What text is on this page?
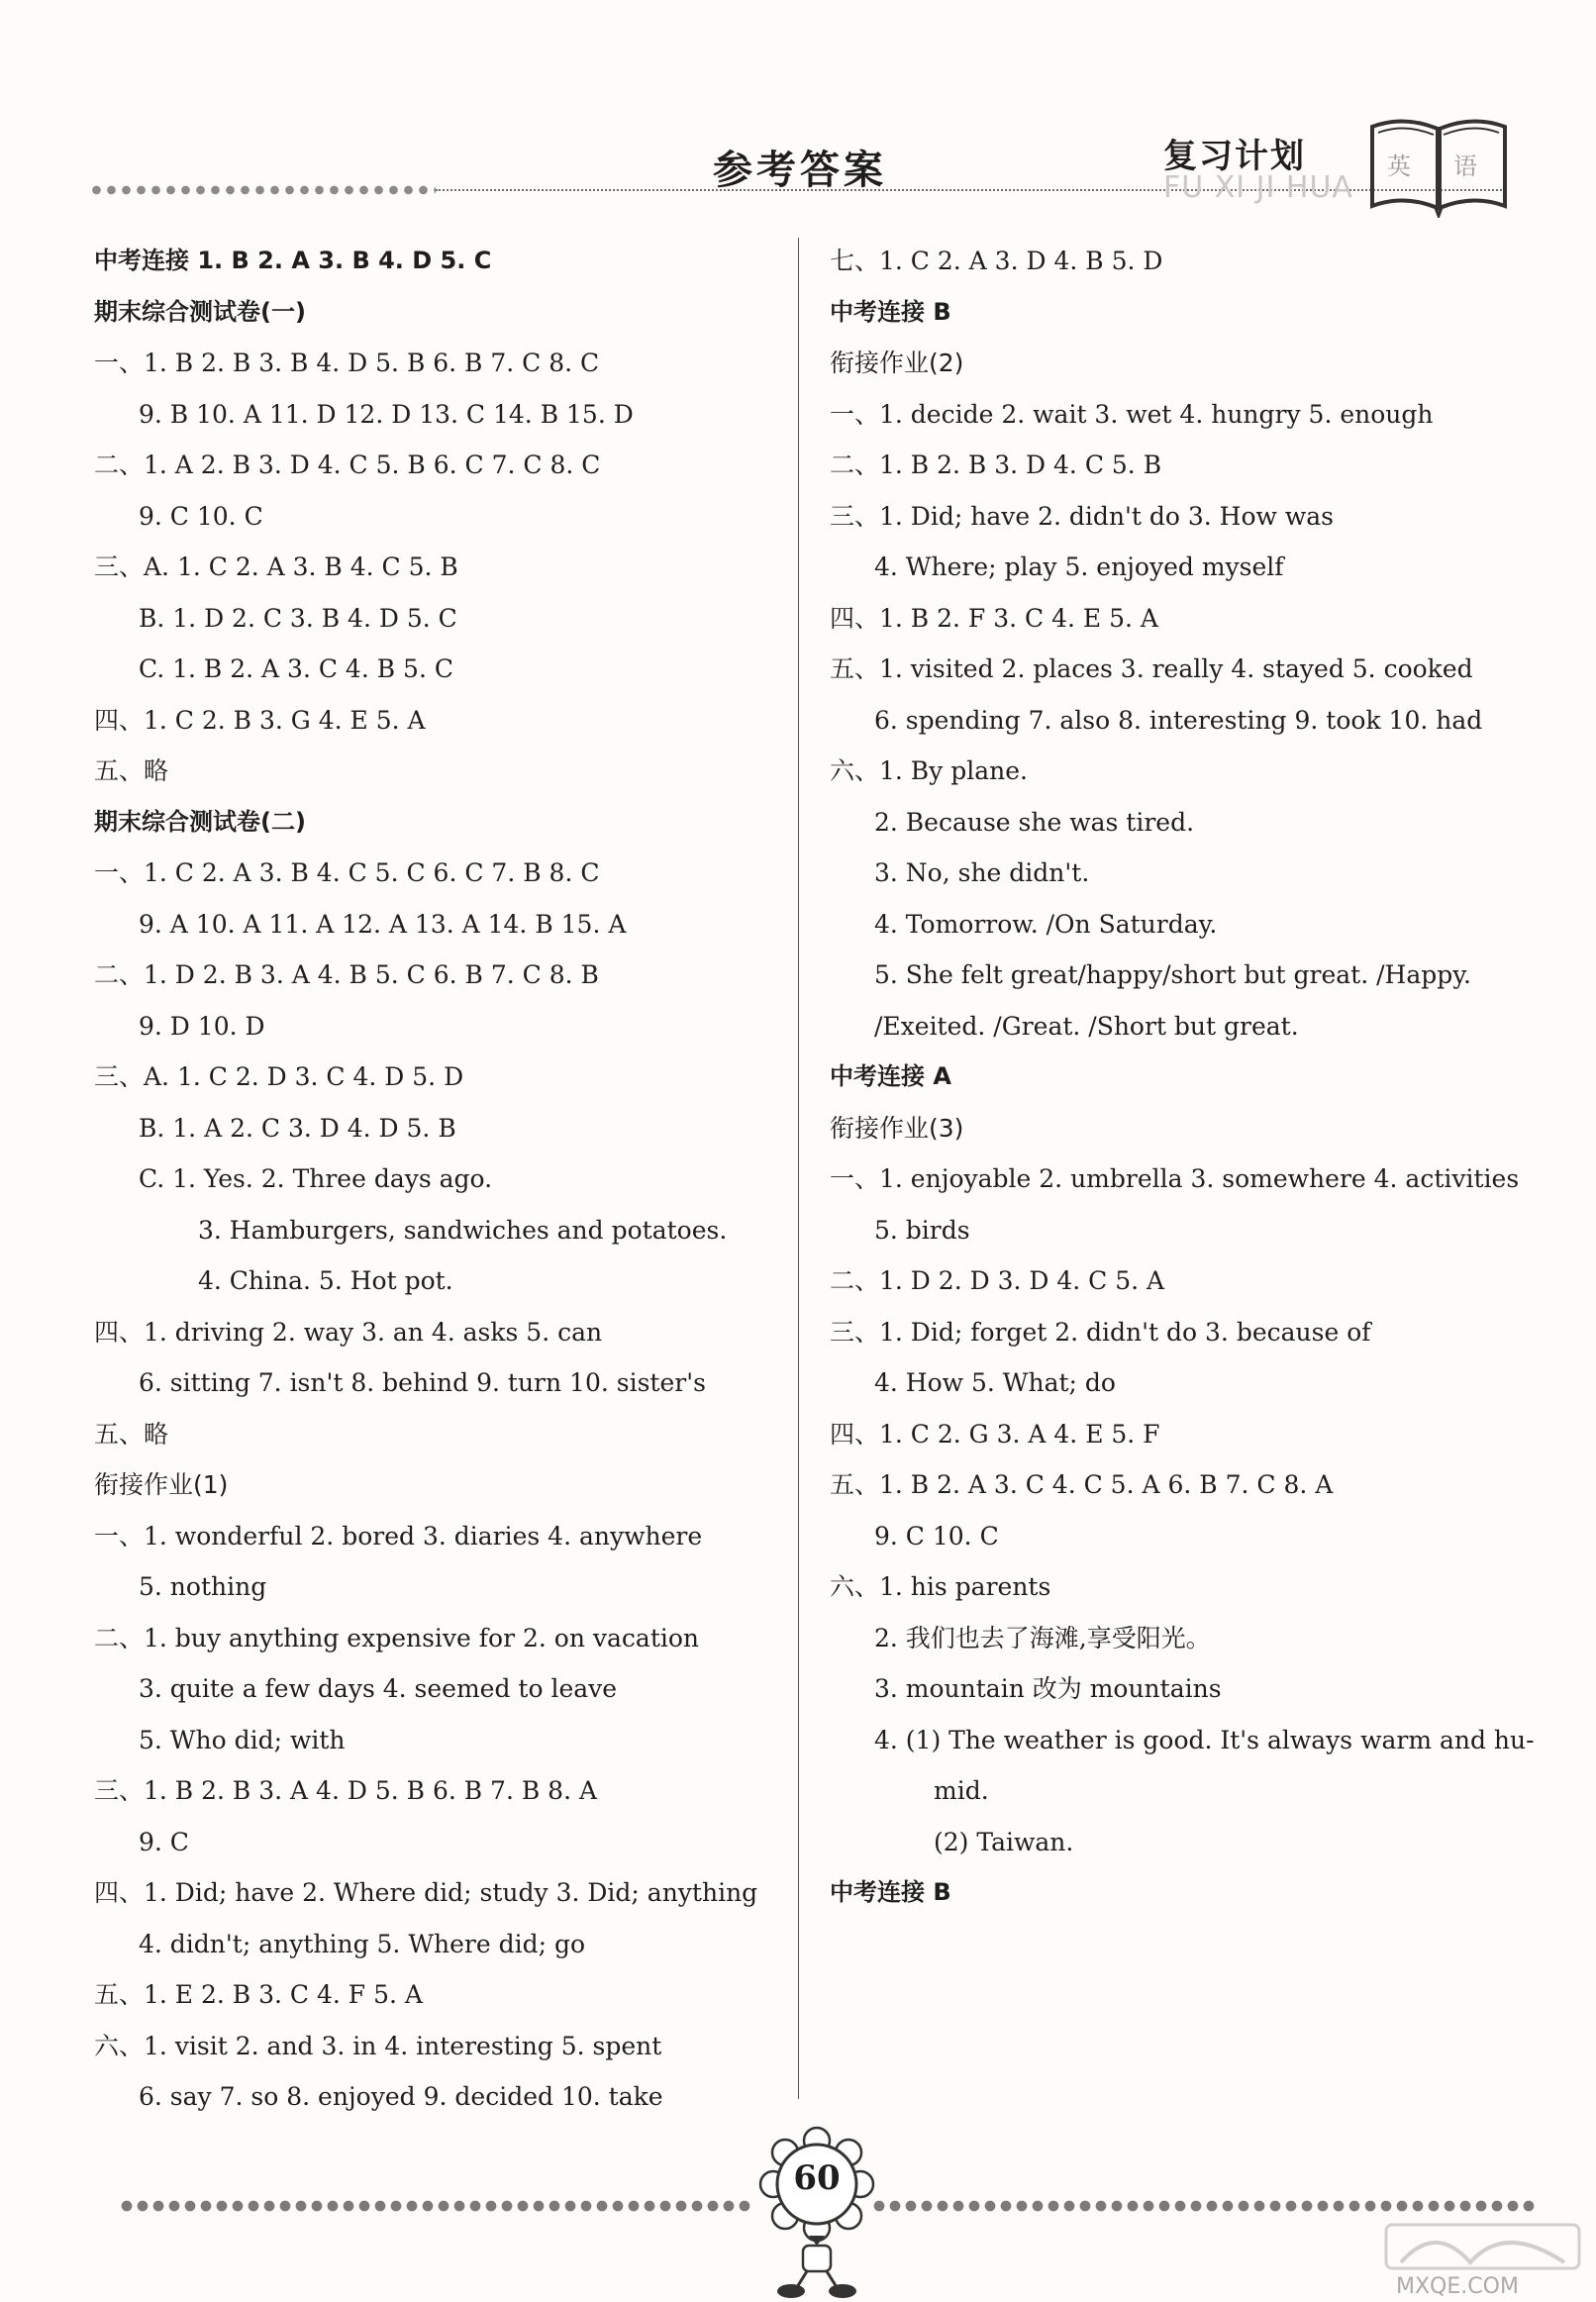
参考答案	复习计划
FU XI JI HUA
英 语
中考连接 1. B 2. A 3. B 4. D 5. C
期末综合测试卷(一)
一、1. B 2. B 3. B 4. D 5. B 6. B 7. C 8. C
9. B 10. A 11. D 12. D 13. C 14. B 15. D
二、1. A 2. B 3. D 4. C 5. B 6. C 7. C 8. C
9. C 10. C
三、A. 1. C 2. A 3. B 4. C 5. B
B. 1. D 2. C 3. B 4. D 5. C
C. 1. B 2. A 3. C 4. B 5. C
四、1. C 2. B 3. G 4. E 5. A
五、略
期末综合测试卷(二)
一、1. C 2. A 3. B 4. C 5. C 6. C 7. B 8. C
9. A 10. A 11. A 12. A 13. A 14. B 15. A
二、1. D 2. B 3. A 4. B 5. C 6. B 7. C 8. B
9. D 10. D
三、A. 1. C 2. D 3. C 4. D 5. D
B. 1. A 2. C 3. D 4. D 5. B
C. 1. Yes. 2. Three days ago.
3. Hamburgers, sandwiches and potatoes.
4. China. 5. Hot pot.
四、1. driving 2. way 3. an 4. asks 5. can
6. sitting 7. isn't 8. behind 9. turn 10. sister's
五、略
衔接作业(1)
一、1. wonderful 2. bored 3. diaries 4. anywhere
5. nothing
二、1. buy anything expensive for 2. on vacation
3. quite a few days 4. seemed to leave
5. Who did; with
三、1. B 2. B 3. A 4. D 5. B 6. B 7. B 8. A
9. C
四、1. Did; have 2. Where did; study 3. Did; anything
4. didn't; anything 5. Where did; go
五、1. E 2. B 3. C 4. F 5. A
六、1. visit 2. and 3. in 4. interesting 5. spent
6. say 7. so 8. enjoyed 9. decided 10. take
七、1. C 2. A 3. D 4. B 5. D
中考连接 B
衔接作业(2)
一、1. decide 2. wait 3. wet 4. hungry 5. enough
二、1. B 2. B 3. D 4. C 5. B
三、1. Did; have 2. didn't do 3. How was
4. Where; play 5. enjoyed myself
四、1. B 2. F 3. C 4. E 5. A
五、1. visited 2. places 3. really 4. stayed 5. cooked
6. spending 7. also 8. interesting 9. took 10. had
六、1. By plane.
2. Because she was tired.
3. No, she didn't.
4. Tomorrow. /On Saturday.
5. She felt great/happy/short but great. /Happy.
/Exeited. /Great. /Short but great.
中考连接 A
衔接作业(3)
一、1. enjoyable 2. umbrella 3. somewhere 4. activities
5. birds
二、1. D 2. D 3. D 4. C 5. A
三、1. Did; forget 2. didn't do 3. because of
4. How 5. What; do
四、1. C 2. G 3. A 4. E 5. F
五、1. B 2. A 3. C 4. C 5. A 6. B 7. C 8. A
9. C 10. C
六、1. his parents
2. 我们也去了海滩,享受阳光。
3. mountain 改为 mountains
4. (1) The weather is good. It's always warm and hu-
mid.
(2) Taiwan.
中考连接 B
60
MXQE.COM
